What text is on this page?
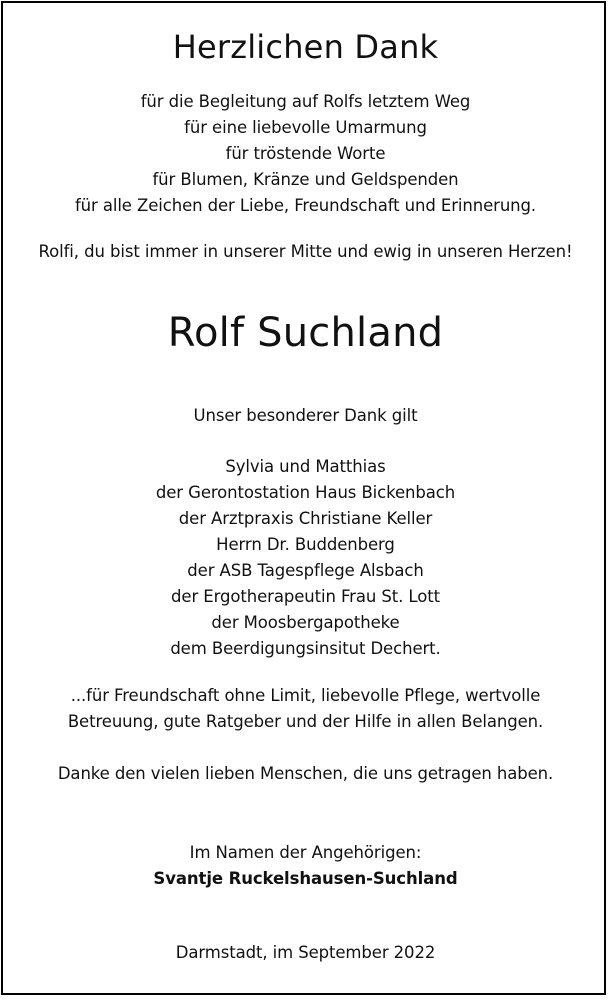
Herzlichen Dank

für die Begleitung auf Rolfs letztem Weg

für eine liebevolle Umarmung

für tröstende Worte

für Blumen, Kränze und Geldspenden

für alle Zeichen der Liebe, Freundschaft und Erinnerung.

Rolfi, du bist immer in unserer Mitte und ewig in unseren Herzen!

Rolf Suchland

Unser besonderer Dank gilt

Sylvia und Matthias

der Gerontostation Haus Bickenbach

der Arztpraxis Christiane Keller

Herrn Dr. Buddenberg

der ASB Tagespflege Alsbach

der Ergotherapeutin Frau St. Lott

der Moosbergapotheke

dem Beerdigungsinsitut Dechert.

...für Freundschaft ohne Limit, liebevolle Pflege, wertvolle

Betreuung, gute Ratgeber und der Hilfe in allen Belangen.

Danke den vielen lieben Menschen, die uns getragen haben.

Im Namen der Angehörigen:

Svantje Ruckelshausen-Suchland

Darmstadt, im September 2022
